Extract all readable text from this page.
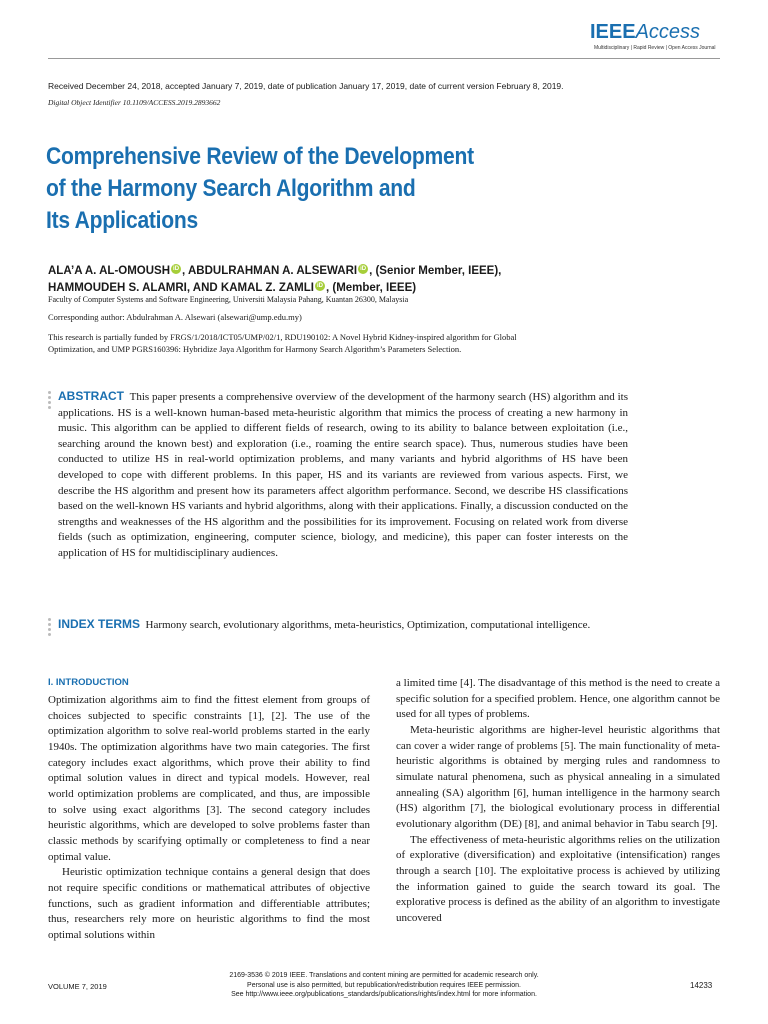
IEEEAccess
Multidisciplinary | Rapid Review | Open Access Journal
Received December 24, 2018, accepted January 7, 2019, date of publication January 17, 2019, date of current version February 8, 2019.
Digital Object Identifier 10.1109/ACCESS.2019.2893662
Comprehensive Review of the Development
of the Harmony Search Algorithm and
Its Applications
ALA’A A. AL-OMOUSH iD , ABDULRAHMAN A. ALSEWARI iD , (Senior Member, IEEE),
HAMMOUDEH S. ALAMRI, AND KAMAL Z. ZAMLI iD , (Member, IEEE)
Faculty of Computer Systems and Software Engineering, Universiti Malaysia Pahang, Kuantan 26300, Malaysia
Corresponding author: Abdulrahman A. Alsewari (alsewari@ump.edu.my)
This research is partially funded by FRGS/1/2018/ICT05/UMP/02/1, RDU190102: A Novel Hybrid Kidney-inspired algorithm for Global
Optimization, and UMP PGRS160396: Hybridize Jaya Algorithm for Harmony Search Algorithm’s Parameters Selection.

ABSTRACT This paper presents a comprehensive overview of the development of the harmony search (HS) algorithm and its applications. HS is a well-known human-based meta-heuristic algorithm that mimics the process of creating a new harmony in music. This algorithm can be applied to different fields of research, owing to its ability to balance between exploitation (i.e., searching around the known best) and exploration (i.e., roaming the entire search space). Thus, numerous studies have been conducted to utilize HS in real-world optimization problems, and many variants and hybrid algorithms of HS have been developed to cope with different problems. In this paper, HS and its variants are reviewed from various aspects. First, we describe the HS algorithm and present how its parameters affect algorithm performance. Second, we describe HS classifications based on the well-known HS variants and hybrid algorithms, along with their applications. Finally, a discussion conducted on the strengths and weaknesses of the HS algorithm and the possibilities for its improvement. Focusing on related work from diverse fields (such as optimization, engineering, computer science, biology, and medicine), this paper can foster interests on the application of HS for multidisciplinary audiences.

INDEX TERMS Harmony search, evolutionary algorithms, meta-heuristics, Optimization, computational intelligence.

I. INTRODUCTION

Optimization algorithms aim to find the fittest element from groups of choices subjected to specific constraints [1], [2]. The use of the optimization algorithm to solve real-world problems started in the early 1940s. The optimization algorithms have two main categories. The first category includes exact algorithms, which prove their ability to find optimal solution values in direct and typical models. However, real world optimization problems are complicated, and thus, are impossible to solve using exact algorithms [3]. The second category includes heuristic algorithms, which are developed to solve problems faster than classic methods by scarifying optimally or completeness to find a near optimal value.

Heuristic optimization technique contains a general design that does not require specific conditions or mathematical attributes of objective functions, such as gradient information and differentiable attributes; thus, researchers rely more on heuristic algorithms to find the most optimal solutions within

a limited time [4]. The disadvantage of this method is the need to create a specific solution for a specified problem. Hence, one algorithm cannot be used for all types of problems.

Meta-heuristic algorithms are higher-level heuristic algorithms that can cover a wider range of problems [5]. The main functionality of meta-heuristic algorithms is obtained by merging rules and randomness to simulate natural phenomena, such as physical annealing in a simulated annealing (SA) algorithm [6], human intelligence in the harmony search (HS) algorithm [7], the biological evolutionary process in differential evolutionary algorithm (DE) [8], and animal behavior in Tabu search [9].

The effectiveness of meta-heuristic algorithms relies on the utilization of explorative (diversification) and exploitative (intensification) ranges through a search [10]. The exploitative process is achieved by utilizing the information gained to guide the search toward its goal. The explorative process is defined as the ability of an algorithm to investigate uncovered

VOLUME 7, 2019
2169-3536 © 2019 IEEE. Translations and content mining are permitted for academic research only.
Personal use is also permitted, but republication/redistribution requires IEEE permission.
See http://www.ieee.org/publications_standards/publications/rights/index.html for more information.
14233
